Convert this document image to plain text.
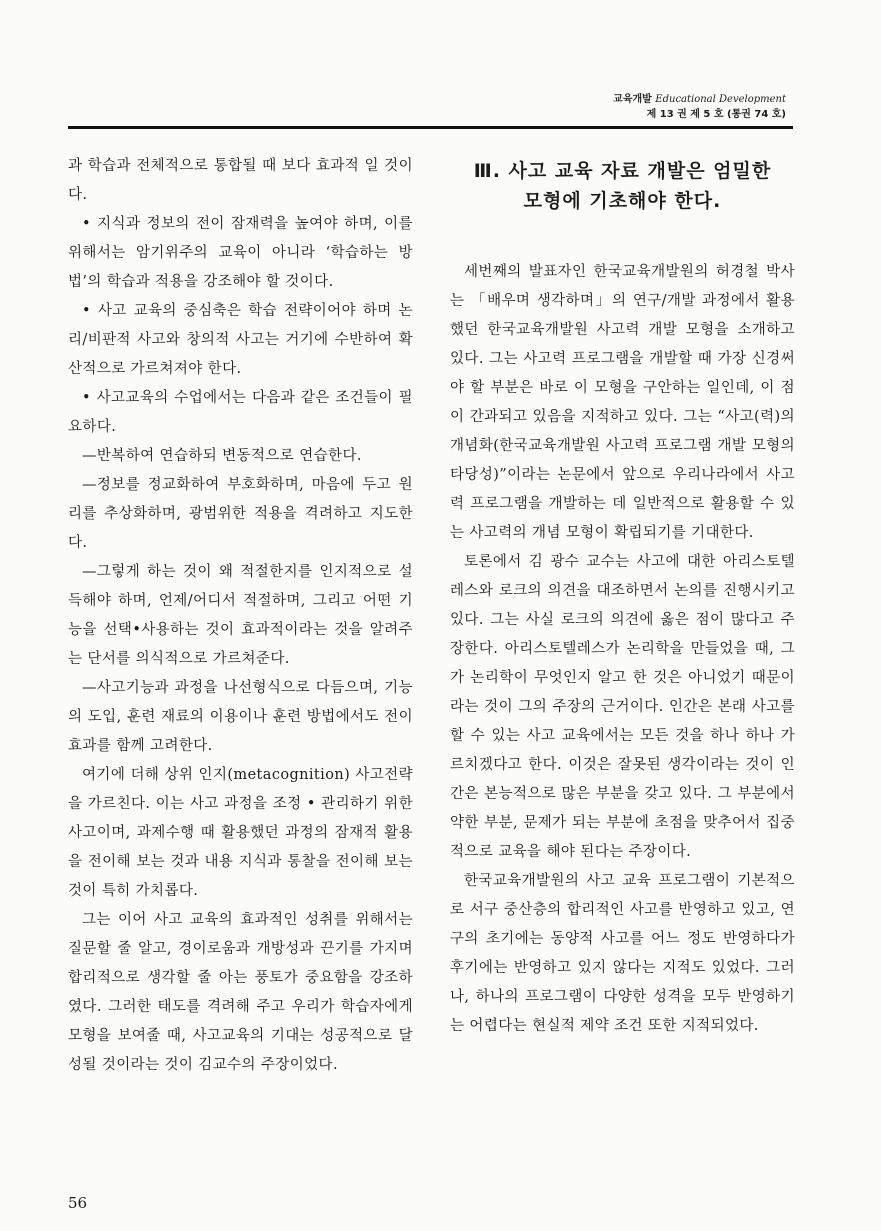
교육개발 Educational Development
제 13 권 제 5 호 (통권 74 호)

과 학습과 전체적으로 통합될 때 보다 효과적 일 것이다.

• 지식과 정보의 전이 잠재력을 높여야 하며, 이를 위해서는 암기위주의 교육이 아니라 ‘학습하는 방법’의 학습과 적용을 강조해야 할 것이다.

• 사고 교육의 중심축은 학습 전략이어야 하며 논리/비판적 사고와 창의적 사고는 거기에 수반하여 확산적으로 가르쳐져야 한다.

• 사고교육의 수업에서는 다음과 같은 조건들이 필요하다.

—반복하여 연습하되 변동적으로 연습한다.

—정보를 정교화하여 부호화하며, 마음에 두고 원리를 추상화하며, 광범위한 적용을 격려하고 지도한다.

—그렇게 하는 것이 왜 적절한지를 인지적으로 설득해야 하며, 언제/어디서 적절하며, 그리고 어떤 기능을 선택•사용하는 것이 효과적이라는 것을 알려주는 단서를 의식적으로 가르쳐준다.

—사고기능과 과정을 나선형식으로 다듬으며, 기능의 도입, 훈련 재료의 이용이나 훈련 방법에서도 전이 효과를 함께 고려한다.

여기에 더해 상위 인지(metacognition) 사고전략을 가르친다. 이는 사고 과정을 조정 • 관리하기 위한 사고이며, 과제수행 때 활용했던 과정의 잠재적 활용을 전이해 보는 것과 내용 지식과 통찰을 전이해 보는 것이 특히 가치롭다.

그는 이어 사고 교육의 효과적인 성취를 위해서는 질문할 줄 알고, 경이로움과 개방성과 끈기를 가지며 합리적으로 생각할 줄 아는 풍토가 중요함을 강조하였다. 그러한 태도를 격려해 주고 우리가 학습자에게 모형을 보여줄 때, 사고교육의 기대는 성공적으로 달성될 것이라는 것이 김교수의 주장이었다.

Ⅲ. 사고 교육 자료 개발은 엄밀한
모형에 기초해야 한다.

세번째의 발표자인 한국교육개발원의 허경철 박사는 「배우며 생각하며」의 연구/개발 과정에서 활용했던 한국교육개발원 사고력 개발 모형을 소개하고 있다. 그는 사고력 프로그램을 개발할 때 가장 신경써야 할 부분은 바로 이 모형을 구안하는 일인데, 이 점이 간과되고 있음을 지적하고 있다. 그는 “사고(력)의 개념화(한국교육개발원 사고력 프로그램 개발 모형의 타당성)”이라는 논문에서 앞으로 우리나라에서 사고력 프로그램을 개발하는 데 일반적으로 활용할 수 있는 사고력의 개념 모형이 확립되기를 기대한다.

토론에서 김 광수 교수는 사고에 대한 아리스토텔레스와 로크의 의견을 대조하면서 논의를 진행시키고 있다. 그는 사실 로크의 의견에 옳은 점이 많다고 주장한다. 아리스토텔레스가 논리학을 만들었을 때, 그가 논리학이 무엇인지 알고 한 것은 아니었기 때문이라는 것이 그의 주장의 근거이다. 인간은 본래 사고를 할 수 있는 사고 교육에서는 모든 것을 하나 하나 가르치겠다고 한다. 이것은 잘못된 생각이라는 것이 인간은 본능적으로 많은 부분을 갖고 있다. 그 부분에서 약한 부분, 문제가 되는 부분에 초점을 맞추어서 집중적으로 교육을 해야 된다는 주장이다.

한국교육개발원의 사고 교육 프로그램이 기본적으로 서구 중산층의 합리적인 사고를 반영하고 있고, 연구의 초기에는 동양적 사고를 어느 정도 반영하다가 후기에는 반영하고 있지 않다는 지적도 있었다. 그러나, 하나의 프로그램이 다양한 성격을 모두 반영하기는 어렵다는 현실적 제약 조건 또한 지적되었다.

56
